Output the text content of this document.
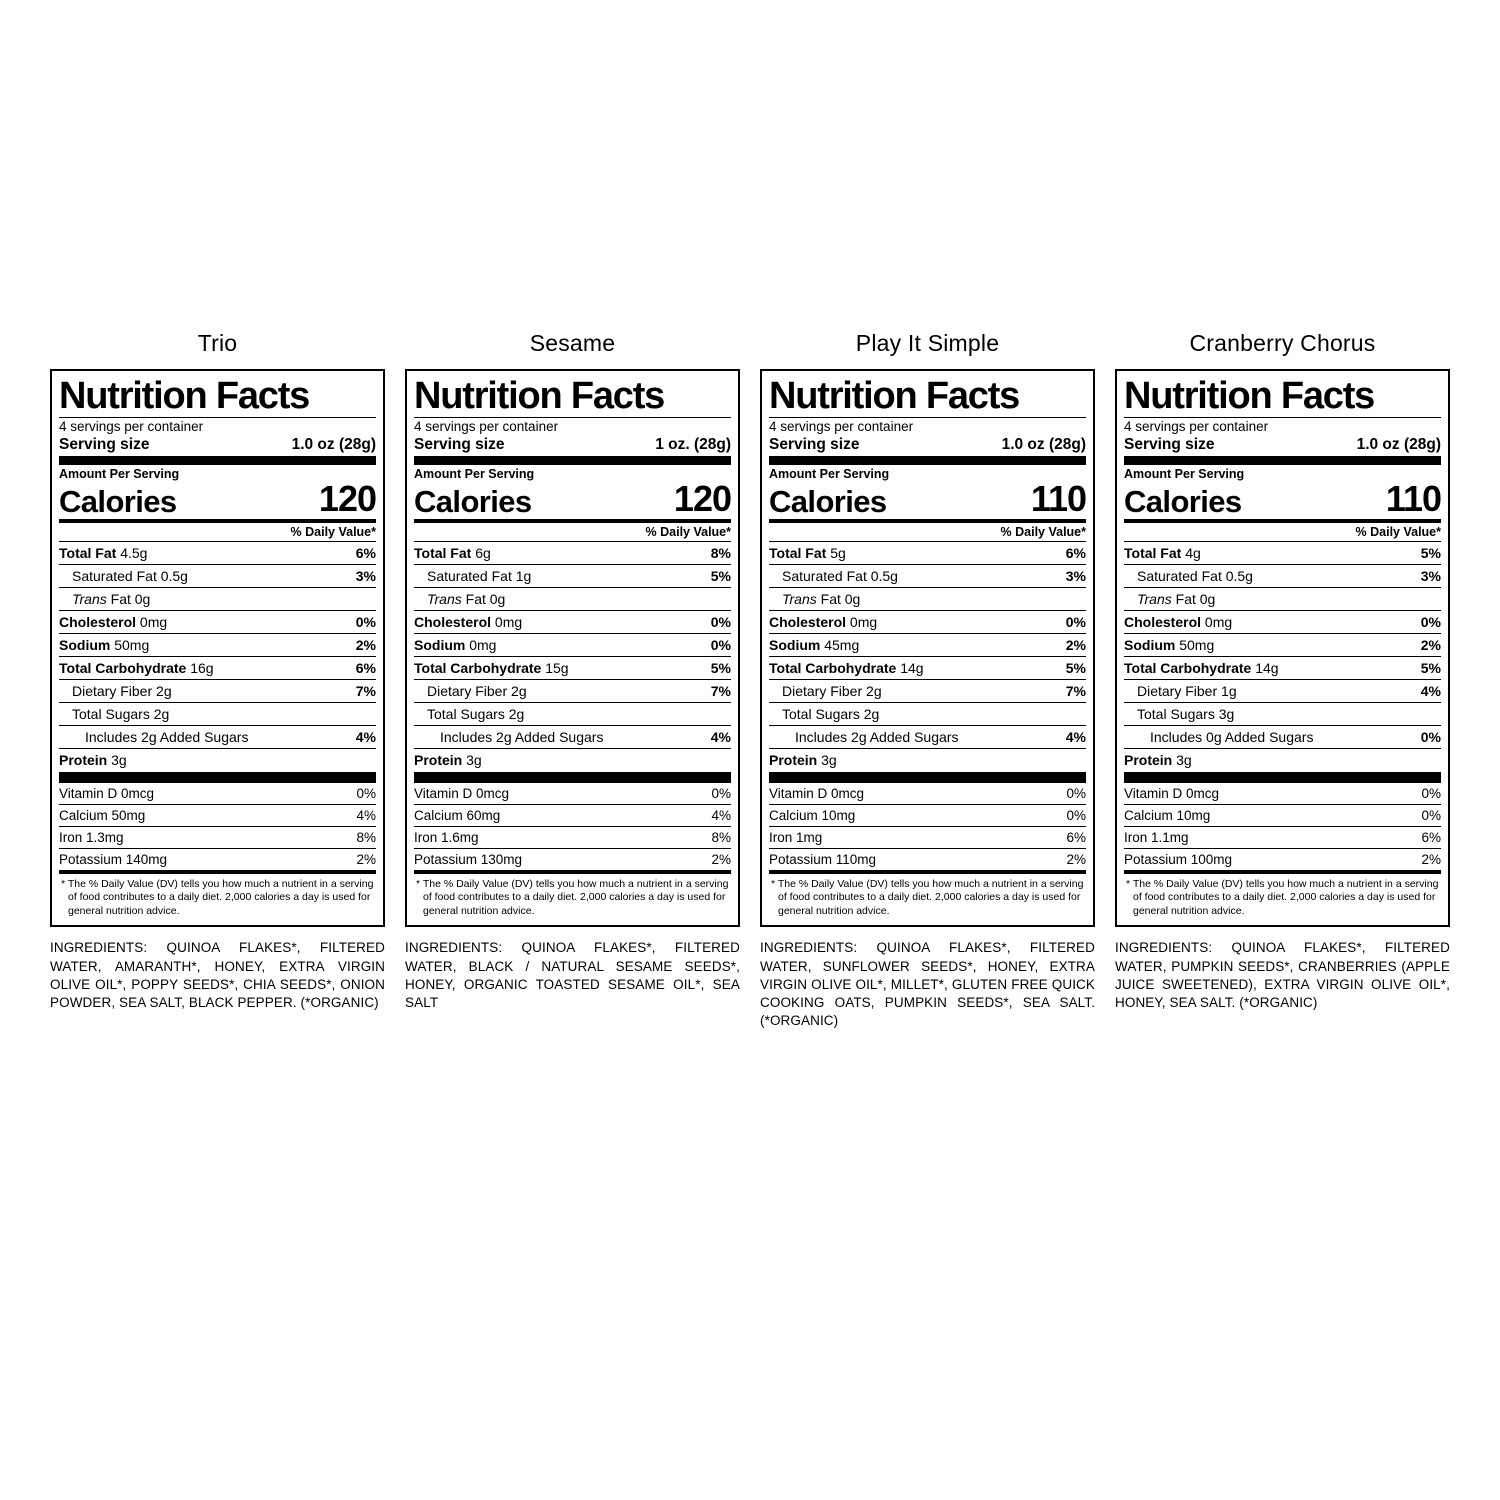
Trio
Nutrition Facts
4 servings per container
Serving size	1.0 oz (28g)
Amount Per Serving
Calories	120
% Daily Value*
Total Fat 4.5g	6%
Saturated Fat 0.5g	3%
Trans Fat 0g
Cholesterol 0mg	0%
Sodium 50mg	2%
Total Carbohydrate 16g	6%
Dietary Fiber 2g	7%
Total Sugars 2g
Includes 2g Added Sugars	4%
Protein 3g
Vitamin D 0mcg	0%
Calcium 50mg	4%
Iron 1.3mg	8%
Potassium 140mg	2%
* The % Daily Value (DV) tells you how much a nutrient in a serving of food contributes to a daily diet. 2,000 calories a day is used for general nutrition advice.
INGREDIENTS: QUINOA FLAKES*, FILTERED WATER, AMARANTH*, HONEY, EXTRA VIRGIN OLIVE OIL*, POPPY SEEDS*, CHIA SEEDS*, ONION POWDER, SEA SALT, BLACK PEPPER. (*ORGANIC)
Sesame
Nutrition Facts
4 servings per container
Serving size	1 oz. (28g)
Amount Per Serving
Calories	120
% Daily Value*
Total Fat 6g	8%
Saturated Fat 1g	5%
Trans Fat 0g
Cholesterol 0mg	0%
Sodium 0mg	0%
Total Carbohydrate 15g	5%
Dietary Fiber 2g	7%
Total Sugars 2g
Includes 2g Added Sugars	4%
Protein 3g
Vitamin D 0mcg	0%
Calcium 60mg	4%
Iron 1.6mg	8%
Potassium 130mg	2%
* The % Daily Value (DV) tells you how much a nutrient in a serving of food contributes to a daily diet. 2,000 calories a day is used for general nutrition advice.
INGREDIENTS: QUINOA FLAKES*, FILTERED WATER, BLACK / NATURAL SESAME SEEDS*, HONEY, ORGANIC TOASTED SESAME OIL*, SEA SALT
Play It Simple
Nutrition Facts
4 servings per container
Serving size	1.0 oz (28g)
Amount Per Serving
Calories	110
% Daily Value*
Total Fat 5g	6%
Saturated Fat 0.5g	3%
Trans Fat 0g
Cholesterol 0mg	0%
Sodium 45mg	2%
Total Carbohydrate 14g	5%
Dietary Fiber 2g	7%
Total Sugars 2g
Includes 2g Added Sugars	4%
Protein 3g
Vitamin D 0mcg	0%
Calcium 10mg	0%
Iron 1mg	6%
Potassium 110mg	2%
* The % Daily Value (DV) tells you how much a nutrient in a serving of food contributes to a daily diet. 2,000 calories a day is used for general nutrition advice.
INGREDIENTS: QUINOA FLAKES*, FILTERED WATER, SUNFLOWER SEEDS*, HONEY, EXTRA VIRGIN OLIVE OIL*, MILLET*, GLUTEN FREE QUICK COOKING OATS, PUMPKIN SEEDS*, SEA SALT. (*ORGANIC)
Cranberry Chorus
Nutrition Facts
4 servings per container
Serving size	1.0 oz (28g)
Amount Per Serving
Calories	110
% Daily Value*
Total Fat 4g	5%
Saturated Fat 0.5g	3%
Trans Fat 0g
Cholesterol 0mg	0%
Sodium 50mg	2%
Total Carbohydrate 14g	5%
Dietary Fiber 1g	4%
Total Sugars 3g
Includes 0g Added Sugars	0%
Protein 3g
Vitamin D 0mcg	0%
Calcium 10mg	0%
Iron 1.1mg	6%
Potassium 100mg	2%
* The % Daily Value (DV) tells you how much a nutrient in a serving of food contributes to a daily diet. 2,000 calories a day is used for general nutrition advice.
INGREDIENTS: QUINOA FLAKES*, FILTERED WATER, PUMPKIN SEEDS*, CRANBERRIES (APPLE JUICE SWEETENED), EXTRA VIRGIN OLIVE OIL*, HONEY, SEA SALT. (*ORGANIC)
